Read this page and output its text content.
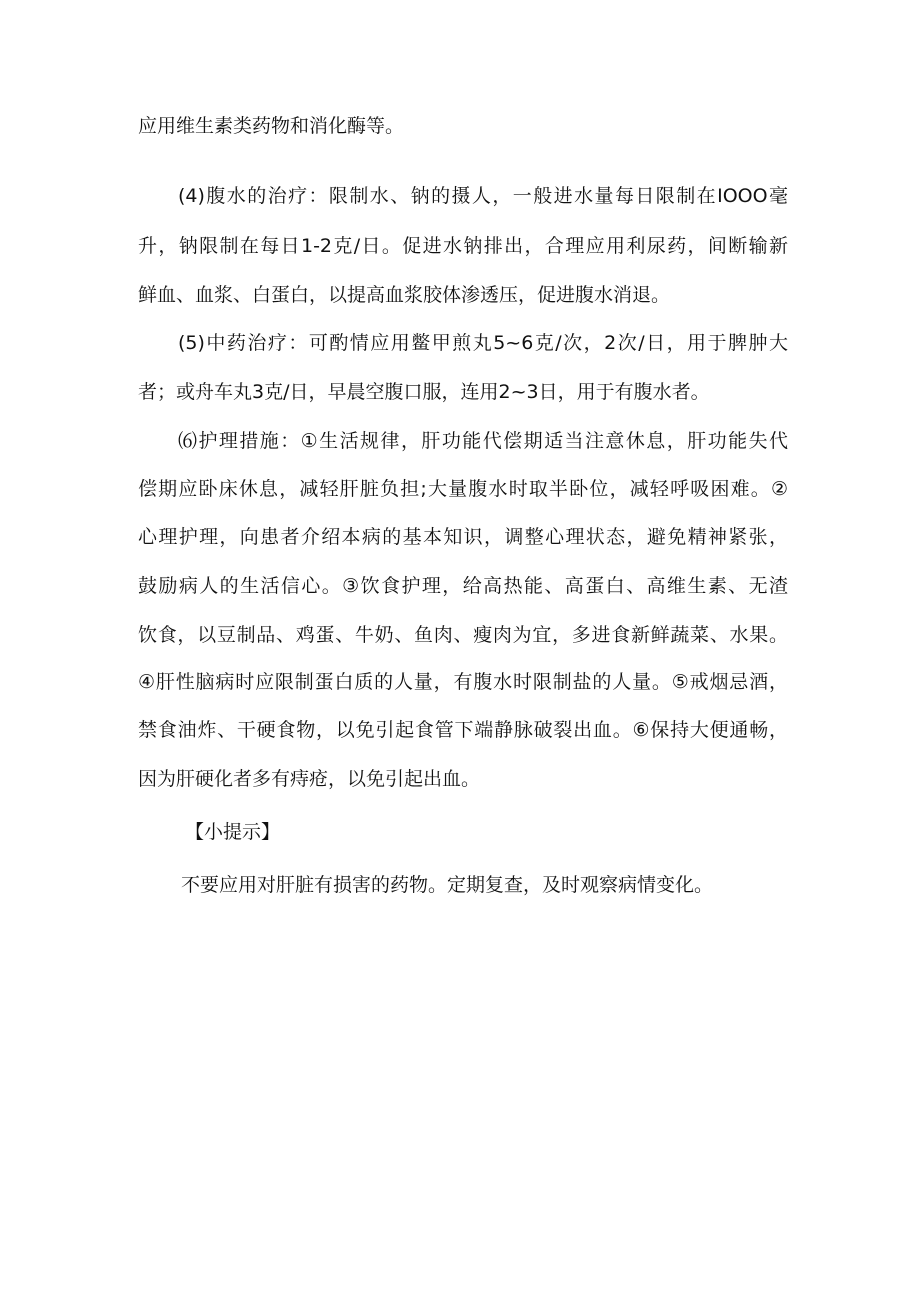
应用维生素类药物和消化酶等。
(4)腹水的治疗：限制水、钠的摄人，一般进水量每日限制在IOOO毫
升，钠限制在每日1-2克/日。促进水钠排出，合理应用利尿药，间断输新
鲜血、血浆、白蛋白，以提高血浆胶体渗透压，促进腹水消退。
(5)中药治疗：可酌情应用鳖甲煎丸5~6克/次，2次/日，用于脾肿大
者；或舟车丸3克/日，早晨空腹口服，连用2~3日，用于有腹水者。
⑹护理措施：①生活规律，肝功能代偿期适当注意休息，肝功能失代
偿期应卧床休息，减轻肝脏负担;大量腹水时取半卧位，减轻呼吸困难。②
心理护理，向患者介绍本病的基本知识，调整心理状态，避免精神紧张，
鼓励病人的生活信心。③饮食护理，给高热能、高蛋白、高维生素、无渣
饮食，以豆制品、鸡蛋、牛奶、鱼肉、瘦肉为宜，多进食新鲜蔬菜、水果。
④肝性脑病时应限制蛋白质的人量，有腹水时限制盐的人量。⑤戒烟忌酒，
禁食油炸、干硬食物，以免引起食管下端静脉破裂出血。⑥保持大便通畅，
因为肝硬化者多有痔疮，以免引起出血。
【小提示】
不要应用对肝脏有损害的药物。定期复查，及时观察病情变化。
